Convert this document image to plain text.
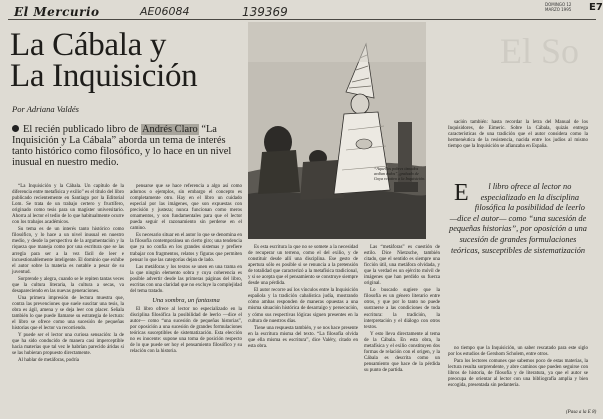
El Mercurio	AE06084	139369
DOMINGO 12 MARZO 1995	E7
El So
La Cábala y
La Inquisición
Por Adriana Valdés
El recién publicado libro de Andrés Claro “La Inquisición y La Cábala” aborda un tema de interés tanto histórico como filosófico, y lo hace en un nivel inusual en nuestro medio.
“Aquellos pobres tiznados ardían todos”, grabado de Goya relativo a la Inquisición.

“La Inquisición y la Cábala. Un capítulo de la diferencia entre metafísica y exilio” es el título del libro publicado recientemente en Santiago por la Editorial Lom. Se trata de un trabajo certero y fructífero, originado como tesis para un magíster universitario. Ahorra al lector el tedio de lo que habitualmente ocurre con los trabajos académicos.

Su tema es de un interés tanto histórico como filosófico, y lo hace a un nivel inusual en nuestro medio, y desde la perspectiva de la argumentación y la riqueza que maneja como por una escritura que se las arregla para ser a la vez fácil de leer e incuestionablemente inteligente. El dominio que exhibe el autor sobre la materia es notable a pesar de su juventud.

Sorprende y alegra, cuando se le repiten tantas veces que la cultura literaria, la cultura a secas, va desapareciendo en las nuevas generaciones.

Una primera impresión de lectura muestra que, contra las prevenciones que suele suscitar una tesis, la obra es ágil, amena y se deja leer con placer. Señala también lo que puede llamarse su estrategia de lectura: el libro se ofrece como una sucesión de pequeñas historias que el lector va recorriendo.

Y puede ser el lector una curiosa sensación: la de que ha sido conducido de manera casi imperceptible hacia materias que tal vez le habrían parecido áridas si se las hubieran propuesto directamente.

Al hablar de metáforas, podría

pensarse que se hace referencia a algo así como adornos o ejemplos, sin embargo el concepto es completamente otro. Hay en el libro un cuidado especial por las imágenes, que son expuestas con precisión y justeza; nunca funcionan como meros ornamentos, y son fundamentales para que el lector pueda seguir el razonamiento sin perderse en el camino.

Es necesario situar en el autor lo que se denomina en la filosofía contemporánea un cierto giro; una tendencia que ya no confía en los grandes sistemas y prefiere trabajar con fragmentos, relatos y figuras que permiten pensar lo que las categorías dejan de lado.

Las metáforas y los textos se unen en una trama en la que ningún elemento sobra y cuya coherencia es posible advertir desde las primeras páginas del libro, escritas con una claridad que no excluye la complejidad del tema tratado.

Una sombra, un fantasma

El libro ofrece al lector no especializado en la disciplina filosófica la posibilidad de leerlo —dice el autor— como “una sucesión de pequeñas historias”, por oposición a una sucesión de grandes formulaciones teóricas susceptibles de sistematización. Esta elección no es inocente: supone una toma de posición respecto de lo que puede ser hoy el pensamiento filosófico y su relación con la historia.

Es esta escritura la que no se somete a la necesidad de recuperar un terreno, como el del exilio, y de constituir desde allí una disciplina. Ese gesto de apertura sólo es posible si se renuncia a la pretensión de totalidad que caracterizó a la metafísica tradicional, y si se acepta que el pensamiento se construye siempre desde una pérdida.

El autor recorre así los vínculos entre la Inquisición española y la tradición cabalística judía, mostrando cómo ambas responden de maneras opuestas a una misma situación histórica de desarraigo y persecución, y cómo sus respectivas lógicas siguen presentes en la cultura de nuestros días.

Tiene una respuesta también, y se nos hace presente en la escritura misma del texto. “La filosofía olvida que ella misma es escritura”, dice Valéry, citado en esta obra.

Las “metáforas” es cuestión de estilo. Dice Nietzsche, también citado, que el sentido es siempre una ficción útil, una metáfora olvidada, y que la verdad es un ejército móvil de imágenes que han perdido su fuerza original.

Lo buscado sugiere que la filosofía es un género literario entre otros, y que por lo tanto no puede sustraerse a las condiciones de toda escritura: la tradición, la interpretación y el diálogo con otros textos.

Y esto lleva directamente al tema de la Cábala. En esta obra, la metafísica y el exilio constituyen dos formas de relación con el origen, y la Cábala es descrita como un pensamiento que hace de la pérdida su punto de partida.

sación también: hasta recordar la letra del Manual de los Inquisidores, de Eimeric. Sobre la Cábala, quizás entrega características de una tradición que el autor considera como la hermenéutica de la resistencia, nacida entre los judíos al mismo tiempo que la Inquisición se afianzaba en España.

E l libro ofrece al lector no especializado en la disciplina filosófica la posibilidad de leerlo —dice el autor— como “una sucesión de pequeñas historias”, por oposición a una sucesión de grandes formulaciones teóricas, susceptibles de sistematización

no tiempo que la Inquisición, un saber rescatado para este siglo por los estudios de Gershom Scholem, entre otros.

Para los lectores comunes que sabemos poco de estas materias, la lectura resulta sorprendente, y abre caminos que pueden seguirse con libros de historia, de filosofía y de literatura, ya que el autor se preocupa de orientar al lector con una bibliografía amplia y bien escogida, presentada sin pedantería.

(Pasa a la E 8)
